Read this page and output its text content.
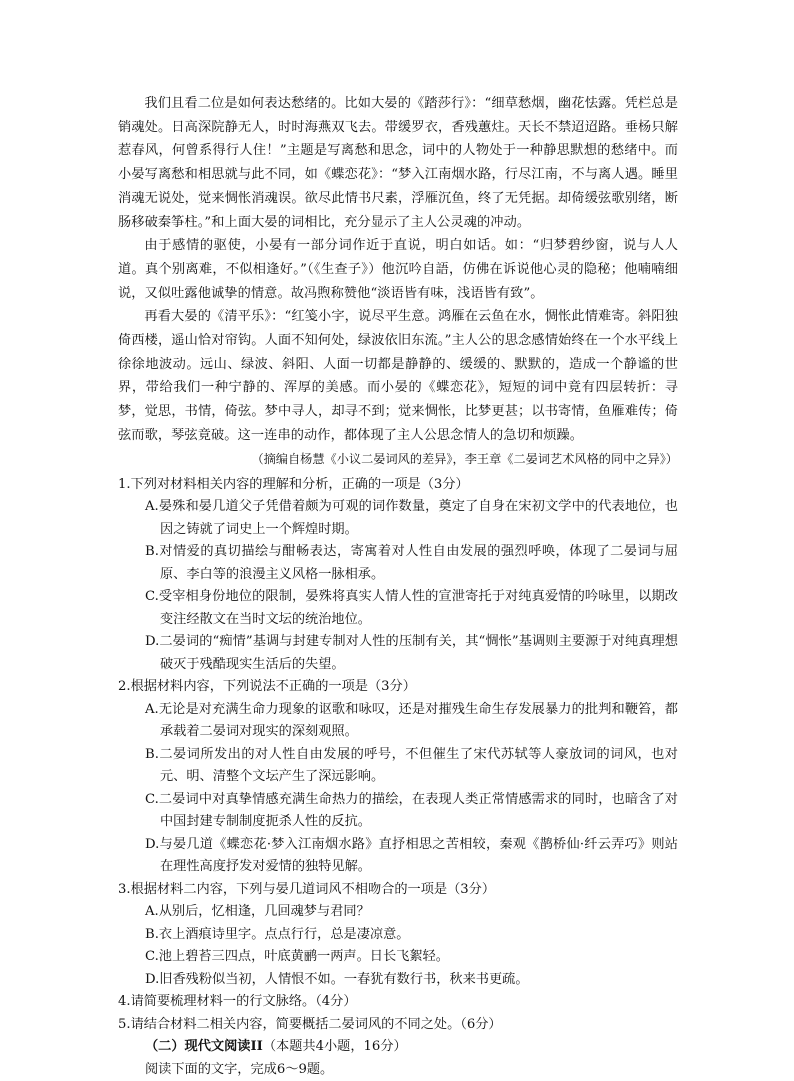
我们且看二位是如何表达愁绪的。比如大晏的《踏莎行》：“细草愁烟，幽花怯露。凭栏总是销魂处。日高深院静无人，时时海燕双飞去。带缓罗衣，香残蕙炷。天长不禁迢迢路。垂杨只解惹春风，何曾系得行人住！”主题是写离愁和思念，词中的人物处于一种静思默想的愁绪中。而小晏写离愁和相思就与此不同，如《蝶恋花》：“梦入江南烟水路，行尽江南，不与离人遇。睡里消魂无说处，觉来惆怅消魂误。欲尽此情书尺素，浮雁沉鱼，终了无凭据。却倚缓弦歌别绪，断肠移破秦筝柱。”和上面大晏的词相比，充分显示了主人公灵魂的冲动。

由于感情的驱使，小晏有一部分词作近于直说，明白如话。如：“归梦碧纱窗，说与人人道。真个别离难，不似相逢好。”（《生查子》）他沉吟自語，仿佛在诉说他心灵的隐秘；他喃喃细说，又似吐露他诚挚的情意。故冯煦称赞他“淡语皆有味，浅语皆有致”。

再看大晏的《清平乐》：“红笺小字，说尽平生意。鸿雁在云鱼在水，惆怅此情难寄。斜阳独倚西楼，遥山恰对帘钩。人面不知何处，绿波依旧东流。”主人公的思念感情始终在一个水平线上徐徐地波动。远山、绿波、斜阳、人面一切都是静静的、缓缓的、默默的，造成一个静谧的世界，带给我们一种宁静的、浑厚的美感。而小晏的《蝶恋花》，短短的词中竟有四层转折：寻梦，觉思，书情，倚弦。梦中寻人，却寻不到；觉来惆怅，比梦更甚；以书寄情，鱼雁难传；倚弦而歌，琴弦竟破。这一连串的动作，都体现了主人公思念情人的急切和烦躁。

（摘编自杨慧《小议二晏词风的差异》，李王章《二晏词艺术风格的同中之异》）

1.下列对材料相关内容的理解和分析，正确的一项是（3分）

A.晏殊和晏几道父子凭借着颇为可观的词作数量，奠定了自身在宋初文学中的代表地位，也因之铸就了词史上一个辉煌时期。

B.对情爱的真切描绘与酣畅表达，寄寓着对人性自由发展的强烈呼唤，体现了二晏词与屈原、李白等的浪漫主义风格一脉相承。

C.受宰相身份地位的限制，晏殊将真实人情人性的宣泄寄托于对纯真爱情的吟咏里，以期改变注经散文在当时文坛的统治地位。

D.二晏词的“痴情”基调与封建专制对人性的压制有关，其“惆怅”基调则主要源于对纯真理想破灭于残酷现实生活后的失望。

2.根据材料内容，下列说法不正确的一项是（3分）

A.无论是对充满生命力现象的讴歌和咏叹，还是对摧残生命生存发展暴力的批判和鞭笞，都承载着二晏词对现实的深刻观照。

B.二晏词所发出的对人性自由发展的呼号，不但催生了宋代苏轼等人豪放词的词风，也对元、明、清整个文坛产生了深远影响。

C.二晏词中对真挚情感充满生命热力的描绘，在表现人类正常情感需求的同时，也暗含了对中国封建专制制度扼杀人性的反抗。

D.与晏几道《蝶恋花·梦入江南烟水路》直抒相思之苦相较，秦观《鹊桥仙·纤云弄巧》则站在理性高度抒发对爱情的独特见解。

3.根据材料二内容，下列与晏几道词风不相吻合的一项是（3分）

A.从别后，忆相逢，几回魂梦与君同？

B.衣上酒痕诗里字。点点行行，总是凄凉意。

C.池上碧苔三四点，叶底黄鹂一两声。日长飞絮轻。

D.旧香残粉似当初，人情恨不如。一春犹有数行书，秋来书更疏。

4.请简要梳理材料一的行文脉络。（4分）

5.请结合材料二相关内容，简要概括二晏词风的不同之处。（6分）

（二）现代文阅读II（本题共4小题，16分）

阅读下面的文字，完成6～9题。
